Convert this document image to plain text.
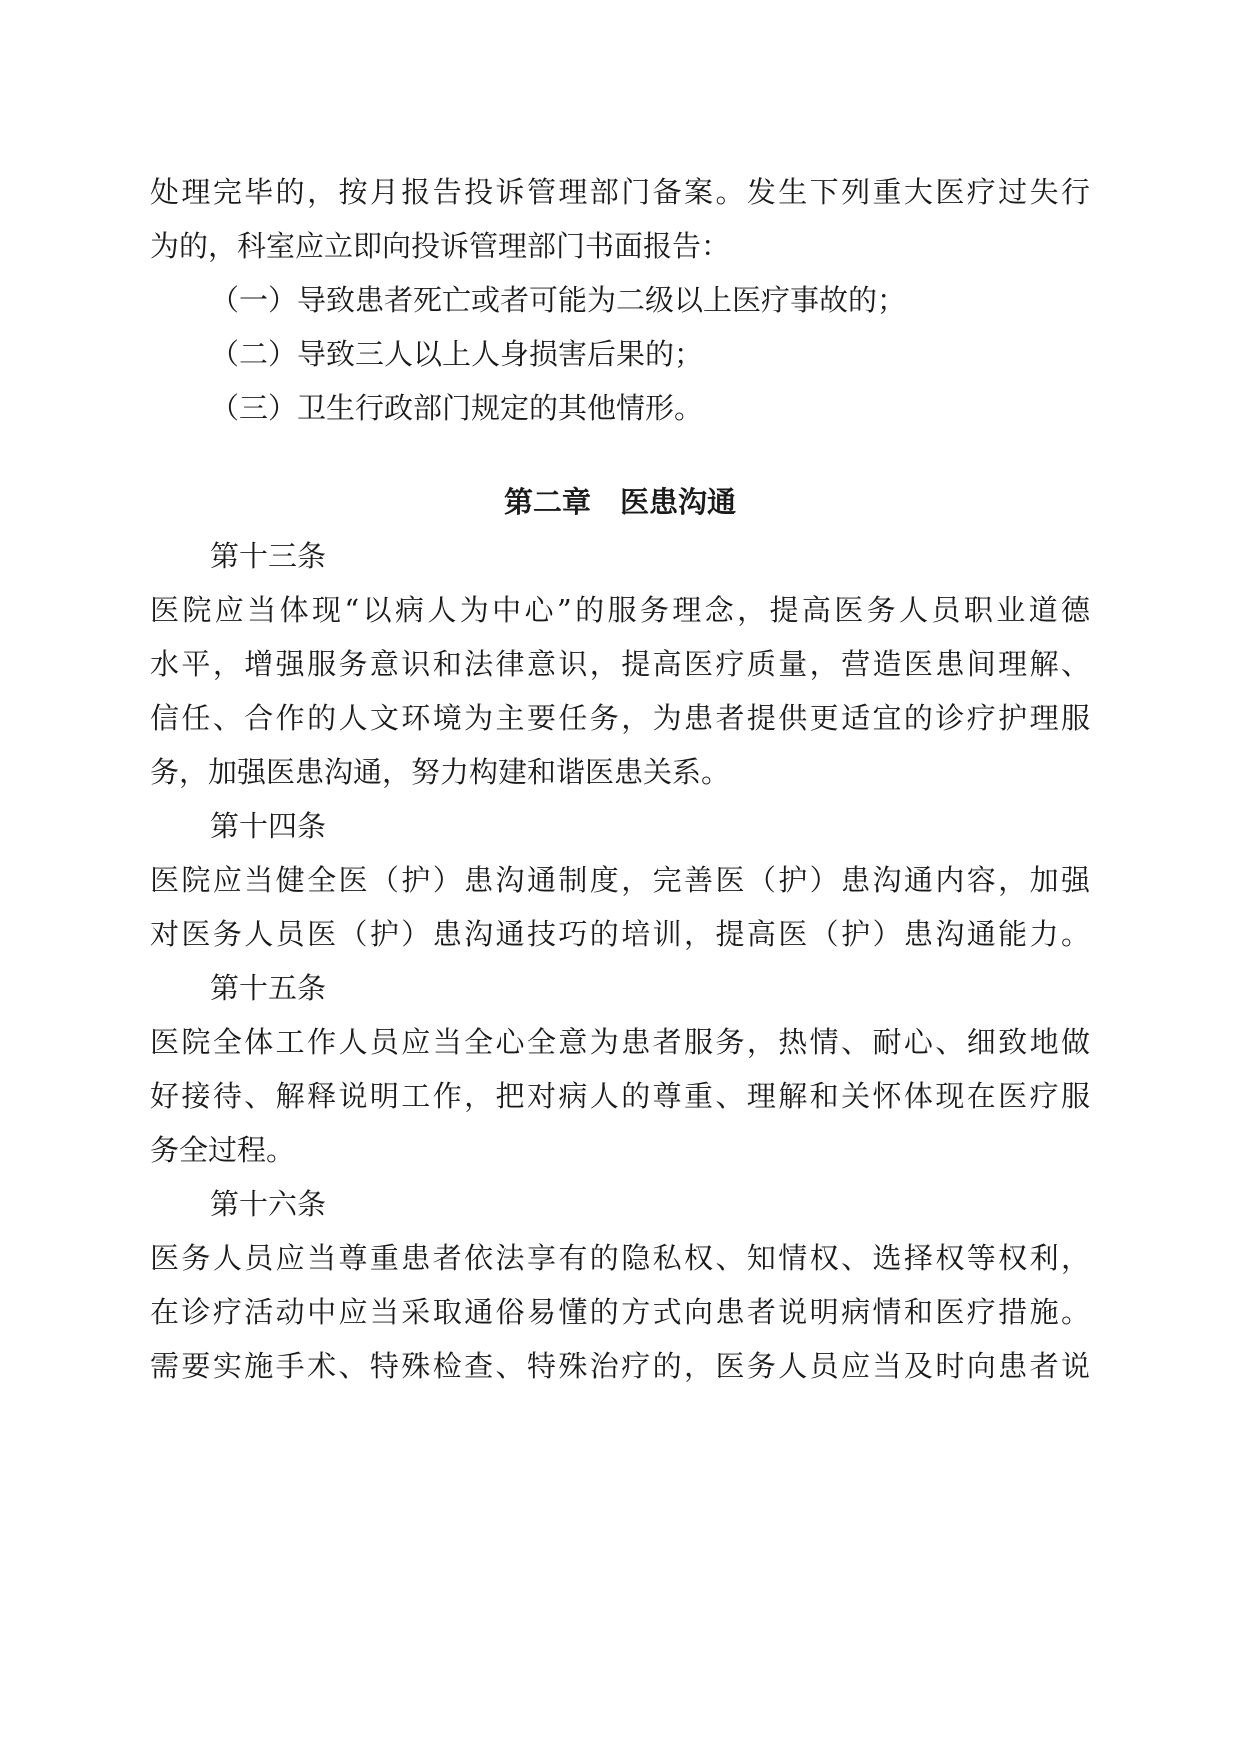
处理完毕的，按月报告投诉管理部门备案。发生下列重大医疗过失行
为的，科室应立即向投诉管理部门书面报告：
（一）导致患者死亡或者可能为二级以上医疗事故的；
（二）导致三人以上人身损害后果的；
（三）卫生行政部门规定的其他情形。
第二章　医患沟通
第十三条
医院应当体现“以病人为中心”的服务理念，提高医务人员职业道德
水平，增强服务意识和法律意识，提高医疗质量，营造医患间理解、
信任、合作的人文环境为主要任务，为患者提供更适宜的诊疗护理服
务，加强医患沟通，努力构建和谐医患关系。
第十四条
医院应当健全医（护）患沟通制度，完善医（护）患沟通内容，加强
对医务人员医（护）患沟通技巧的培训，提高医（护）患沟通能力。
第十五条
医院全体工作人员应当全心全意为患者服务，热情、耐心、细致地做
好接待、解释说明工作，把对病人的尊重、理解和关怀体现在医疗服
务全过程。
第十六条
医务人员应当尊重患者依法享有的隐私权、知情权、选择权等权利，
在诊疗活动中应当采取通俗易懂的方式向患者说明病情和医疗措施。
需要实施手术、特殊检查、特殊治疗的，医务人员应当及时向患者说
